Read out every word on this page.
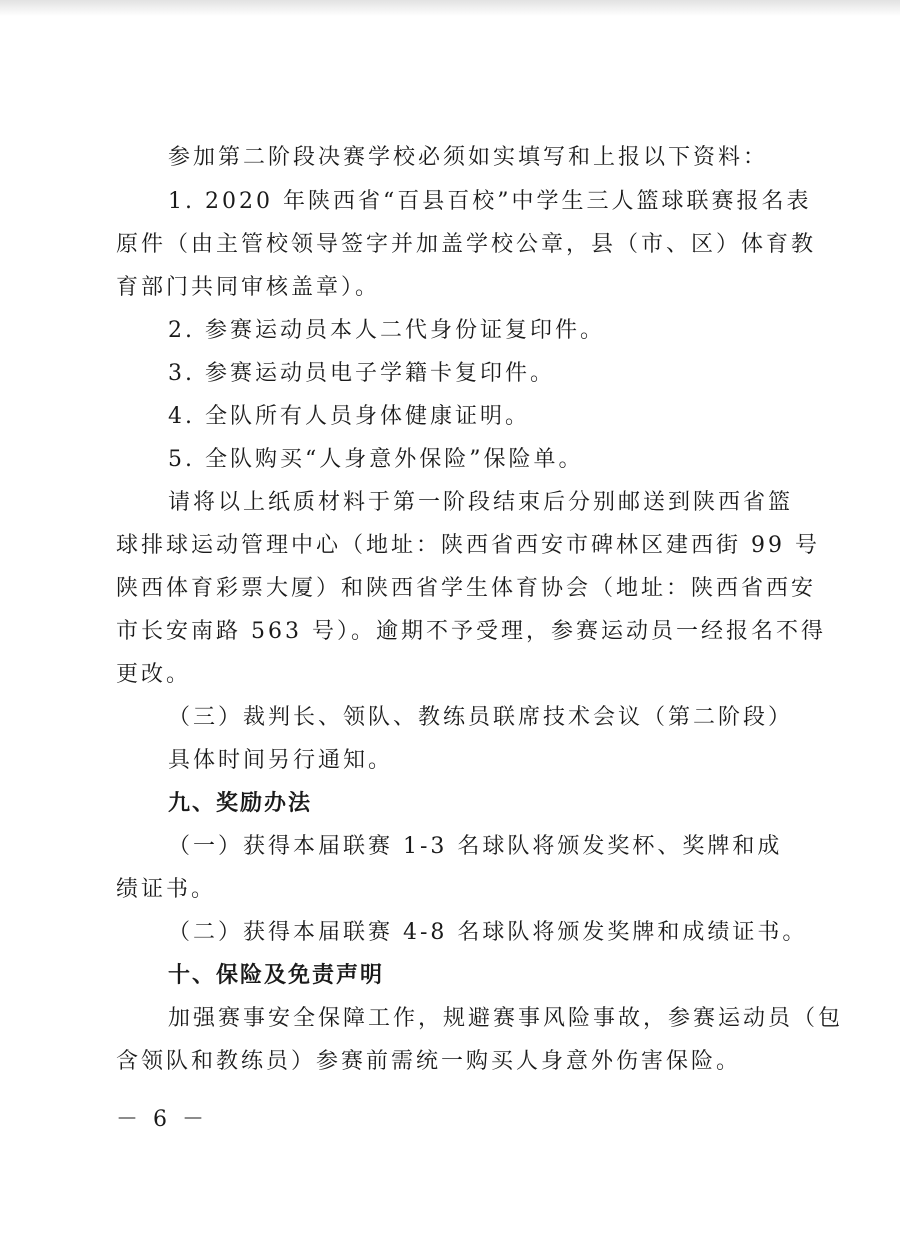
参加第二阶段决赛学校必须如实填写和上报以下资料：
1. 2020 年陕西省“百县百校”中学生三人篮球联赛报名表
原件（由主管校领导签字并加盖学校公章，县（市、区）体育教
育部门共同审核盖章）。
2. 参赛运动员本人二代身份证复印件。
3. 参赛运动员电子学籍卡复印件。
4. 全队所有人员身体健康证明。
5. 全队购买“人身意外保险”保险单。
请将以上纸质材料于第一阶段结束后分别邮送到陕西省篮
球排球运动管理中心（地址：陕西省西安市碑林区建西街 99 号
陕西体育彩票大厦）和陕西省学生体育协会（地址：陕西省西安
市长安南路 563 号）。逾期不予受理，参赛运动员一经报名不得
更改。
（三）裁判长、领队、教练员联席技术会议（第二阶段）
具体时间另行通知。
九、奖励办法
（一）获得本届联赛 1-3 名球队将颁发奖杯、奖牌和成
绩证书。
（二）获得本届联赛 4-8 名球队将颁发奖牌和成绩证书。
十、保险及免责声明
加强赛事安全保障工作，规避赛事风险事故，参赛运动员（包
含领队和教练员）参赛前需统一购买人身意外伤害保险。
－ 6 －
